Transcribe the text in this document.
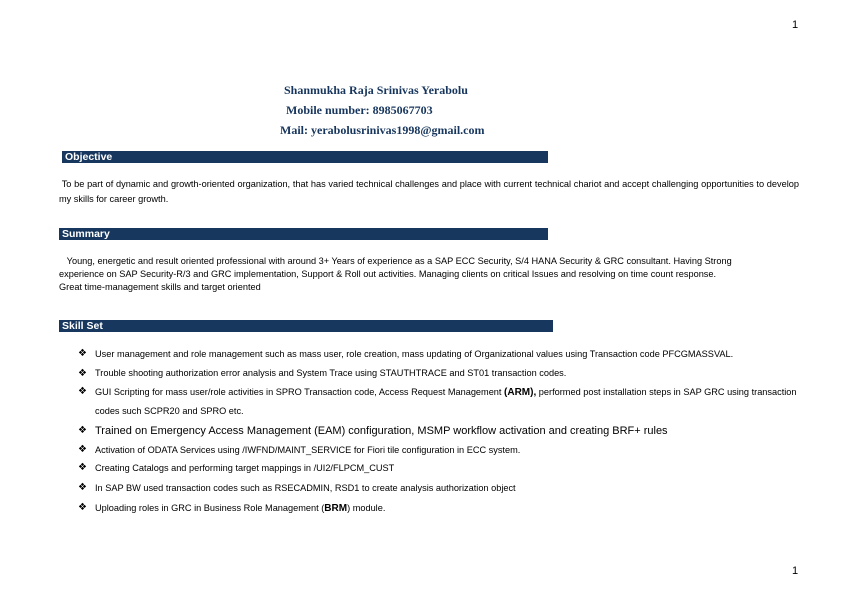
1
Shanmukha Raja Srinivas Yerabolu
Mobile number: 8985067703
Mail: yerabolusrinivas1998@gmail.com
Objective
To be part of dynamic and growth-oriented organization, that has varied technical challenges and place with current technical chariot and accept challenging opportunities to develop my skills for career growth.
Summary
Young, energetic and result oriented professional with around 3+ Years of experience as a SAP ECC Security, S/4 HANA Security & GRC consultant. Having Strong
experience on SAP Security-R/3 and GRC implementation, Support & Roll out activities. Managing clients on critical Issues and resolving on time count response.
Great time-management skills and target oriented
Skill Set
❖ User management and role management such as mass user, role creation, mass updating of Organizational values using Transaction code PFCGMASSVAL.
❖ Trouble shooting authorization error analysis and System Trace using STAUTHTRACE and ST01 transaction codes.
❖ GUI Scripting for mass user/role activities in SPRO Transaction code, Access Request Management (ARM), performed post installation steps in SAP GRC using transaction codes such SCPR20 and SPRO etc.
❖ Trained on Emergency Access Management (EAM) configuration, MSMP workflow activation and creating BRF+ rules
❖ Activation of ODATA Services using /IWFND/MAINT_SERVICE for Fiori tile configuration in ECC system.
❖ Creating Catalogs and performing target mappings in /UI2/FLPCM_CUST
❖ In SAP BW used transaction codes such as RSECADMIN, RSD1 to create analysis authorization object
❖ Uploading roles in GRC in Business Role Management (BRM) module.
1
